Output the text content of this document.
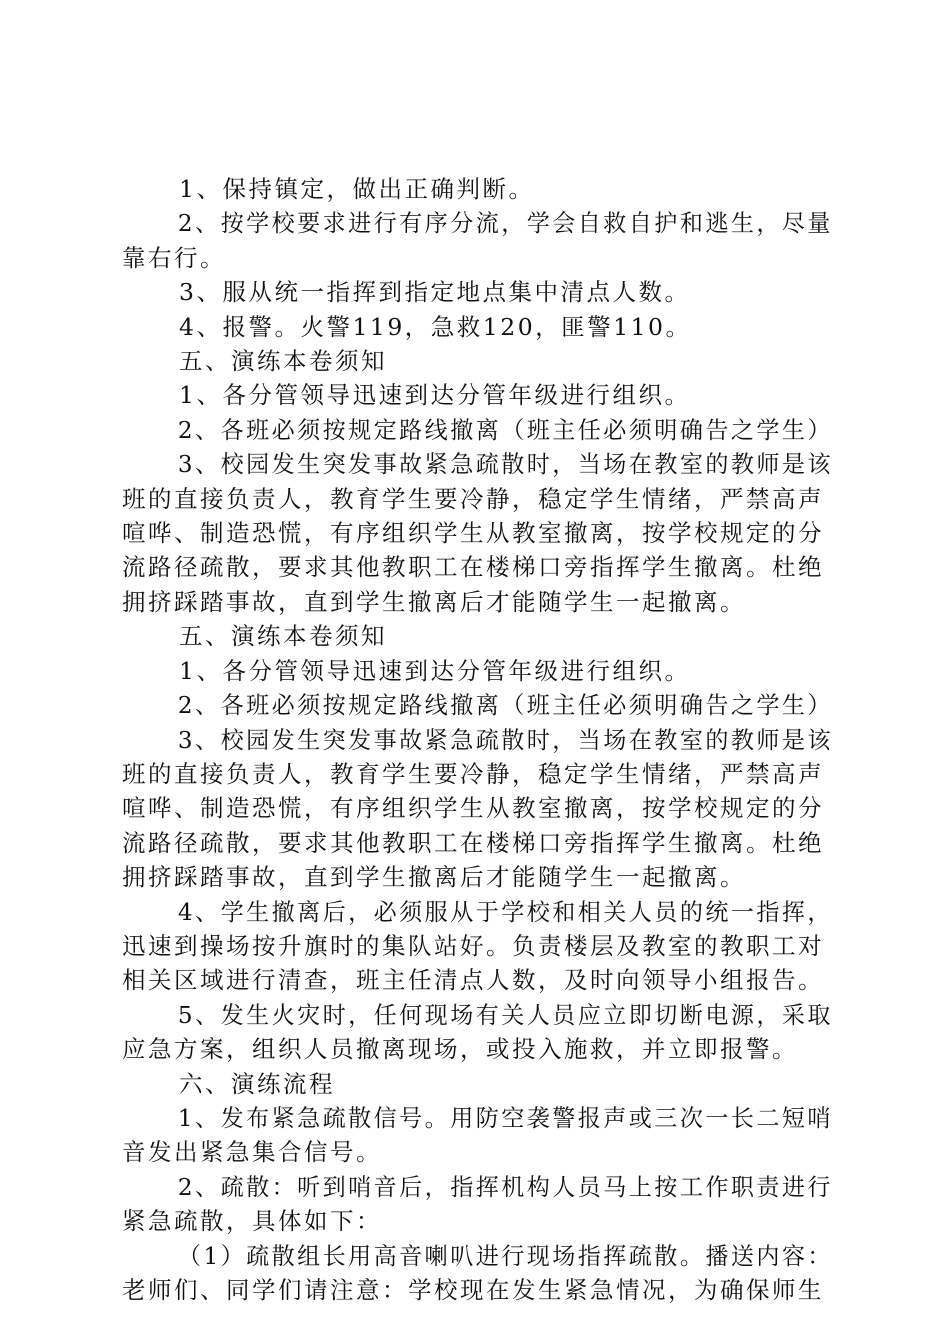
1、保持镇定，做出正确判断。
2、按学校要求进行有序分流，学会自救自护和逃生，尽量
靠右行。
3、服从统一指挥到指定地点集中清点人数。
4、报警。火警119，急救120，匪警110。
五、演练本卷须知
1、各分管领导迅速到达分管年级进行组织。
2、各班必须按规定路线撤离（班主任必须明确告之学生）
3、校园发生突发事故紧急疏散时，当场在教室的教师是该
班的直接负责人，教育学生要冷静，稳定学生情绪，严禁高声
喧哗、制造恐慌，有序组织学生从教室撤离，按学校规定的分
流路径疏散，要求其他教职工在楼梯口旁指挥学生撤离。杜绝
拥挤踩踏事故，直到学生撤离后才能随学生一起撤离。
五、演练本卷须知
1、各分管领导迅速到达分管年级进行组织。
2、各班必须按规定路线撤离（班主任必须明确告之学生）
3、校园发生突发事故紧急疏散时，当场在教室的教师是该
班的直接负责人，教育学生要冷静，稳定学生情绪，严禁高声
喧哗、制造恐慌，有序组织学生从教室撤离，按学校规定的分
流路径疏散，要求其他教职工在楼梯口旁指挥学生撤离。杜绝
拥挤踩踏事故，直到学生撤离后才能随学生一起撤离。
4、学生撤离后，必须服从于学校和相关人员的统一指挥，
迅速到操场按升旗时的集队站好。负责楼层及教室的教职工对
相关区域进行清查，班主任清点人数，及时向领导小组报告。
5、发生火灾时，任何现场有关人员应立即切断电源，采取
应急方案，组织人员撤离现场，或投入施救，并立即报警。
六、演练流程
1、发布紧急疏散信号。用防空袭警报声或三次一长二短哨
音发出紧急集合信号。
2、疏散：听到哨音后，指挥机构人员马上按工作职责进行
紧急疏散，具体如下：
（1）疏散组长用高音喇叭进行现场指挥疏散。播送内容：
老师们、同学们请注意：学校现在发生紧急情况，为确保师生
